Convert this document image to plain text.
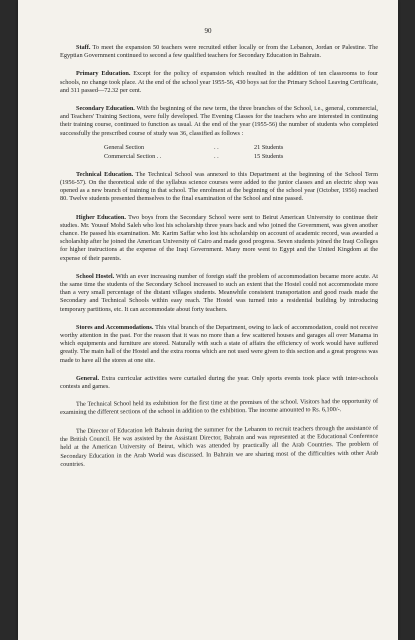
90

Staff. To meet the expansion 50 teachers were recruited either locally or from the Lebanon, Jordan or Palestine. The Egyptian Government continued to second a few qualified teachers for Secondary Education in Bahrain.

Primary Education. Except for the policy of expansion which resulted in the addition of ten classrooms to four schools, no change took place. At the end of the school year 1955-56, 430 boys sat for the Primary School Leaving Certificate, and 311 passed—72.32 per cent.

Secondary Education. With the beginning of the new term, the three branches of the School, i.e., general, commercial, and Teachers' Training Sections, were fully developed. The Evening Classes for the teachers who are interested in continuing their training course, continued to function as usual. At the end of the year (1955-56) the number of students who completed successfully the prescribed course of study was 36, classified as follows :

General Section	. .	21 Students
Commercial Section . .	. .	15 Students

Technical Education. The Technical School was annexed to this Department at the beginning of the School Term (1956-57). On the theoretical side of the syllabus science courses were added to the junior classes and an electric shop was opened as a new branch of training in that school. The enrolment at the beginning of the school year (October, 1956) reached 80. Twelve students presented themselves to the final examination of the School and nine passed.

Higher Education. Two boys from the Secondary School were sent to Beirut American University to continue their studies. Mr. Yousuf Mohd Saleh who lost his scholarship three years back and who joined the Government, was given another chance. He passed his examination. Mr. Karim Saffar who lost his scholarship on account of academic record, was awarded a scholarship after he joined the American University of Cairo and made good progress. Seven students joined the Iraqi Colleges for higher instructions at the expense of the Iraqi Government. Many more went to Egypt and the United Kingdom at the expense of their parents.

School Hostel. With an ever increasing number of foreign staff the problem of accommodation became more acute. At the same time the students of the Secondary School increased to such an extent that the Hostel could not accommodate more than a very small percentage of the distant villages students. Meanwhile consistent transportation and good roads made the Secondary and Technical Schools within easy reach. The Hostel was turned into a residential building by introducing temporary partitions, etc. It can accommodate about forty teachers.

Stores and Accommodations. This vital branch of the Department, owing to lack of accommodation, could not receive worthy attention in the past. For the reason that it was no more than a few scattered houses and garages all over Manama in which equipments and furniture are stored. Naturally with such a state of affairs the efficiency of work would have suffered greatly. The main hall of the Hostel and the extra rooms which are not used were given to this section and a great progress was made to have all the stores at one site.

General. Extra curricular activities were curtailed during the year. Only sports events took place with inter-schools contests and games.

The Technical School held its exhibition for the first time at the premises of the school. Visitors had the opportunity of examining the different sections of the school in addition to the exhibition. The income amounted to Rs. 6,100/-.

The Director of Education left Bahrain during the summer for the Lebanon to recruit teachers through the assistance of the British Council. He was assisted by the Assistant Director, Bahrain and was represented at the Educational Conference held at the American University of Beirut, which was attended by practically all the Arab Countries. The problem of Secondary Education in the Arab World was discussed. In Bahrain we are sharing most of the difficulties with other Arab countries.
